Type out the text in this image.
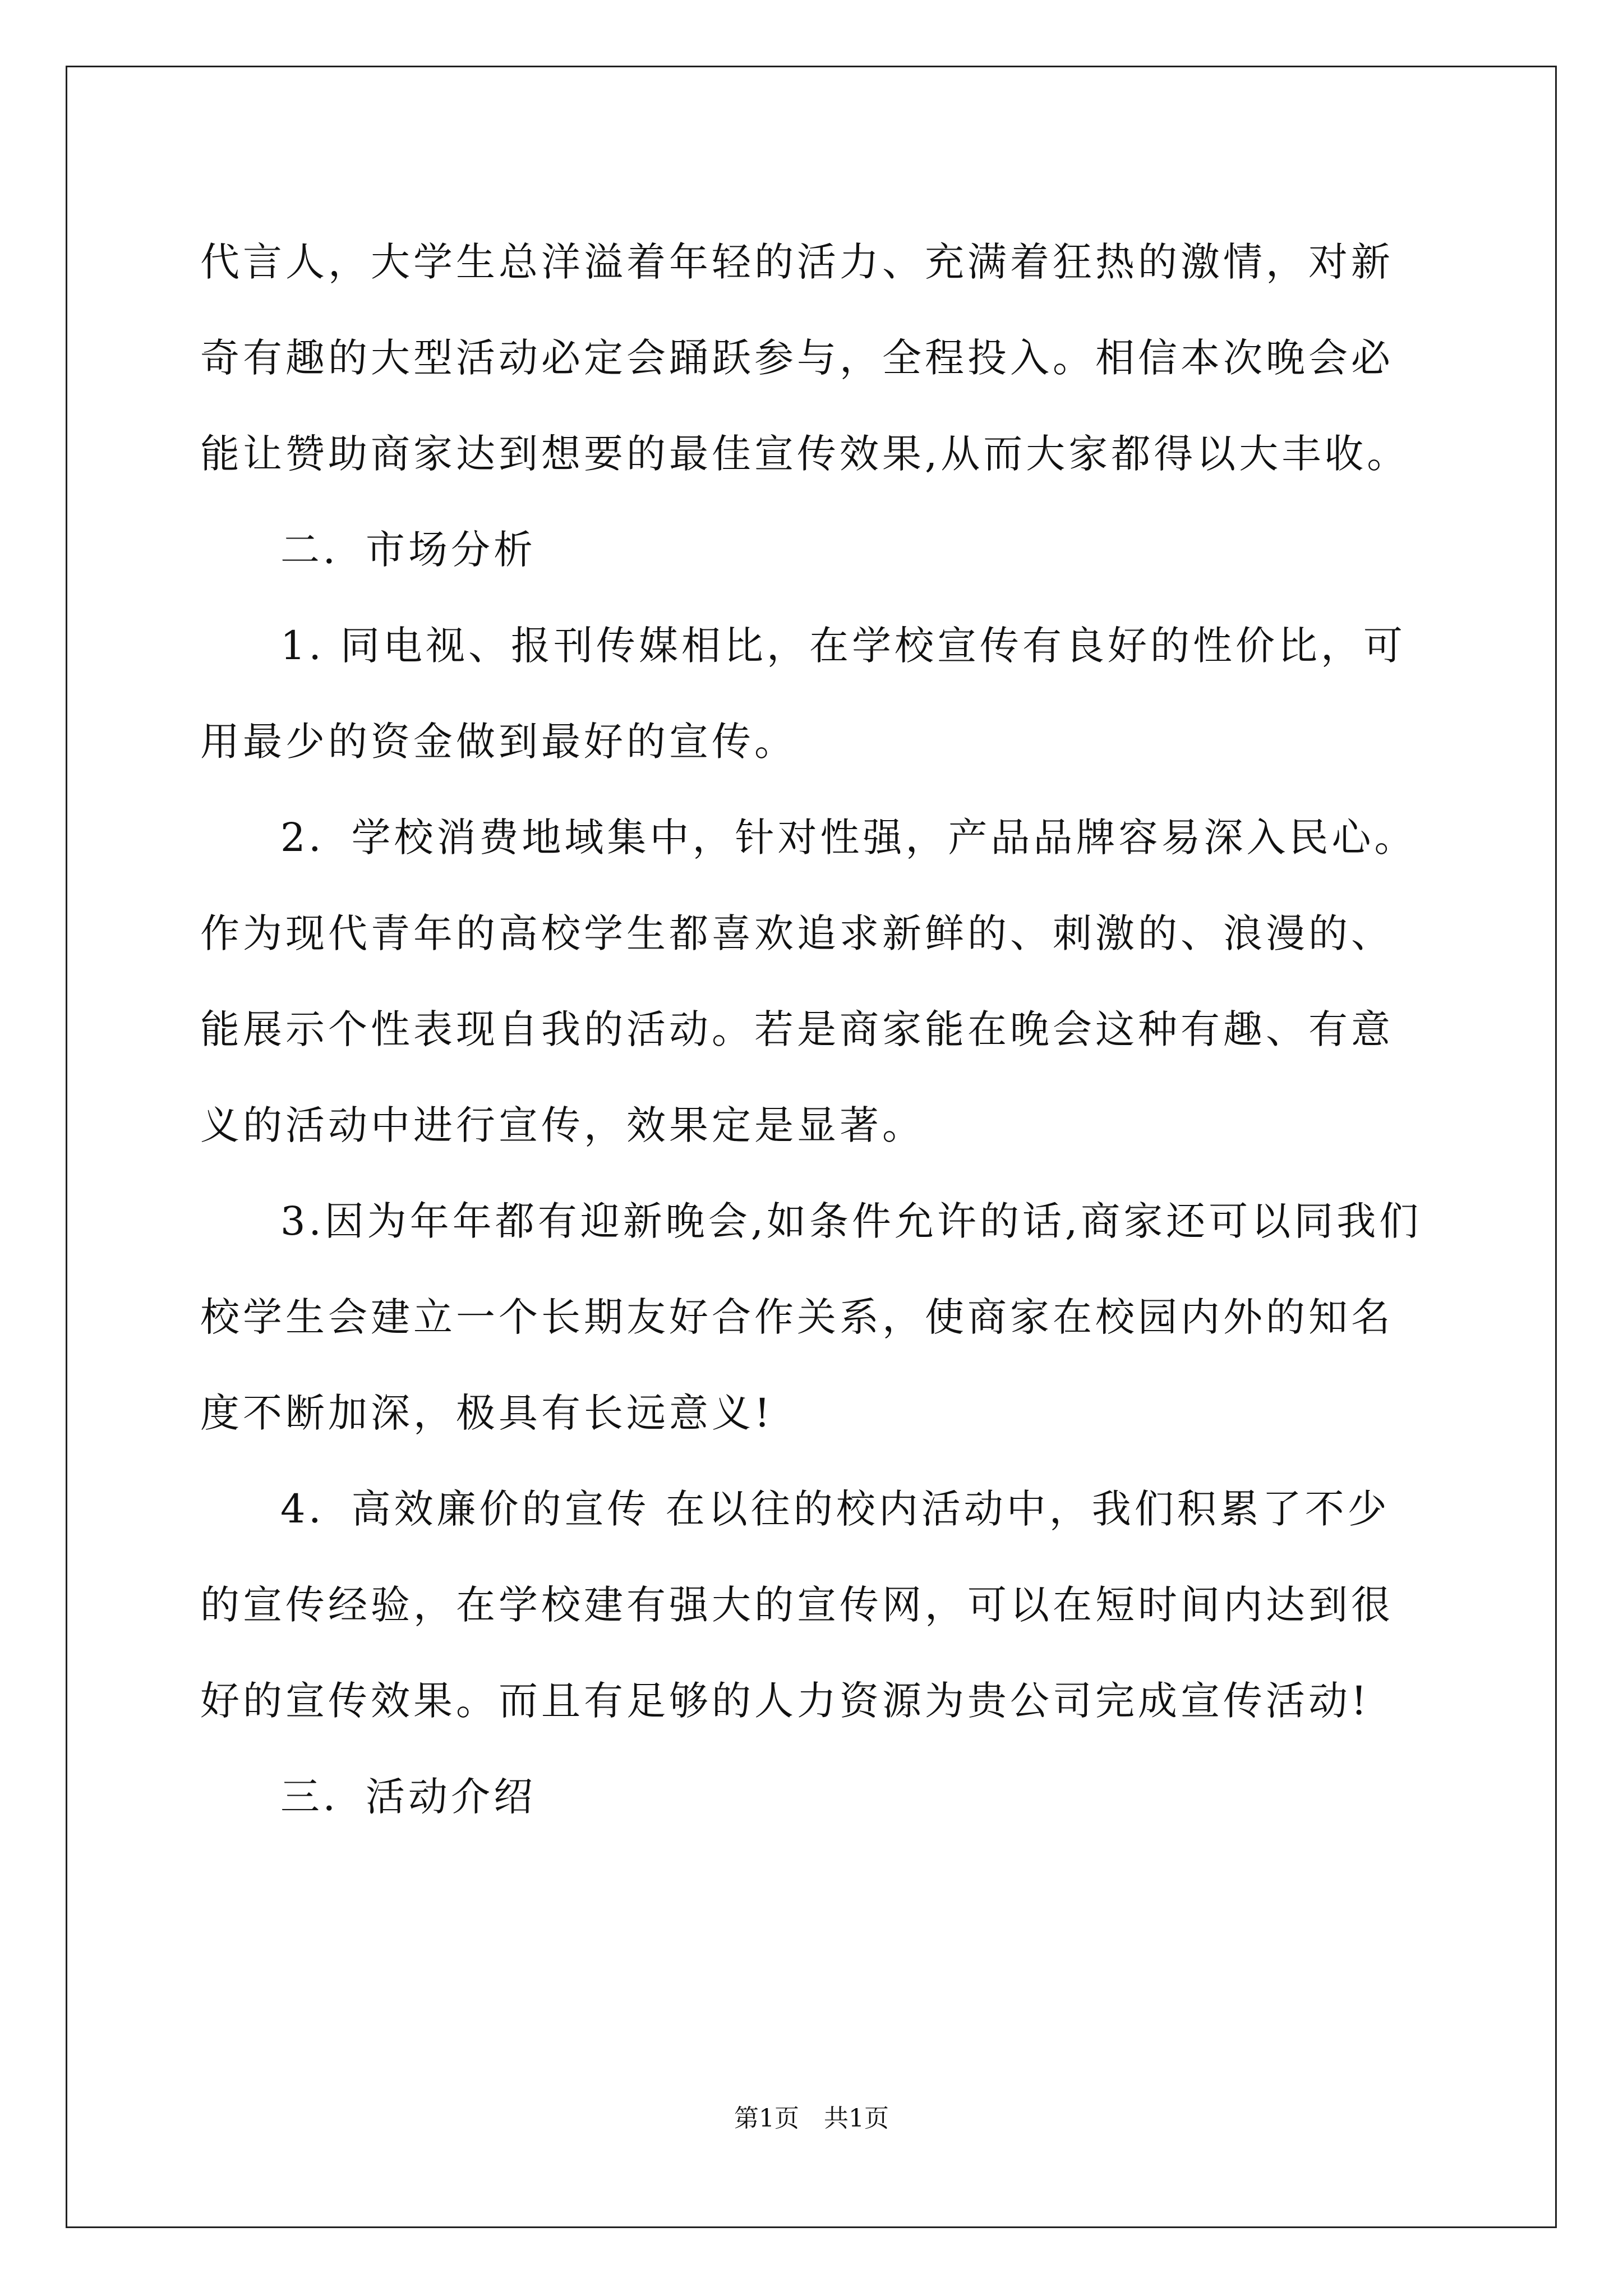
代言人，大学生总洋溢着年轻的活力、充满着狂热的激情，对新奇有趣的大型活动必定会踊跃参与，全程投入。相信本次晚会必能让赞助商家达到想要的最佳宣传效果,从而大家都得以大丰收。

二．市场分析

1. 同电视、报刊传媒相比，在学校宣传有良好的性价比，可用最少的资金做到最好的宣传。

2．学校消费地域集中，针对性强，产品品牌容易深入民心。作为现代青年的高校学生都喜欢追求新鲜的、刺激的、浪漫的、能展示个性表现自我的活动。若是商家能在晚会这种有趣、有意义的活动中进行宣传，效果定是显著。

3.因为年年都有迎新晚会,如条件允许的话,商家还可以同我们校学生会建立一个长期友好合作关系，使商家在校园内外的知名度不断加深，极具有长远意义!

4．高效廉价的宣传 在以往的校内活动中，我们积累了不少的宣传经验，在学校建有强大的宣传网，可以在短时间内达到很好的宣传效果。而且有足够的人力资源为贵公司完成宣传活动!

三．活动介绍

第1页　共1页
